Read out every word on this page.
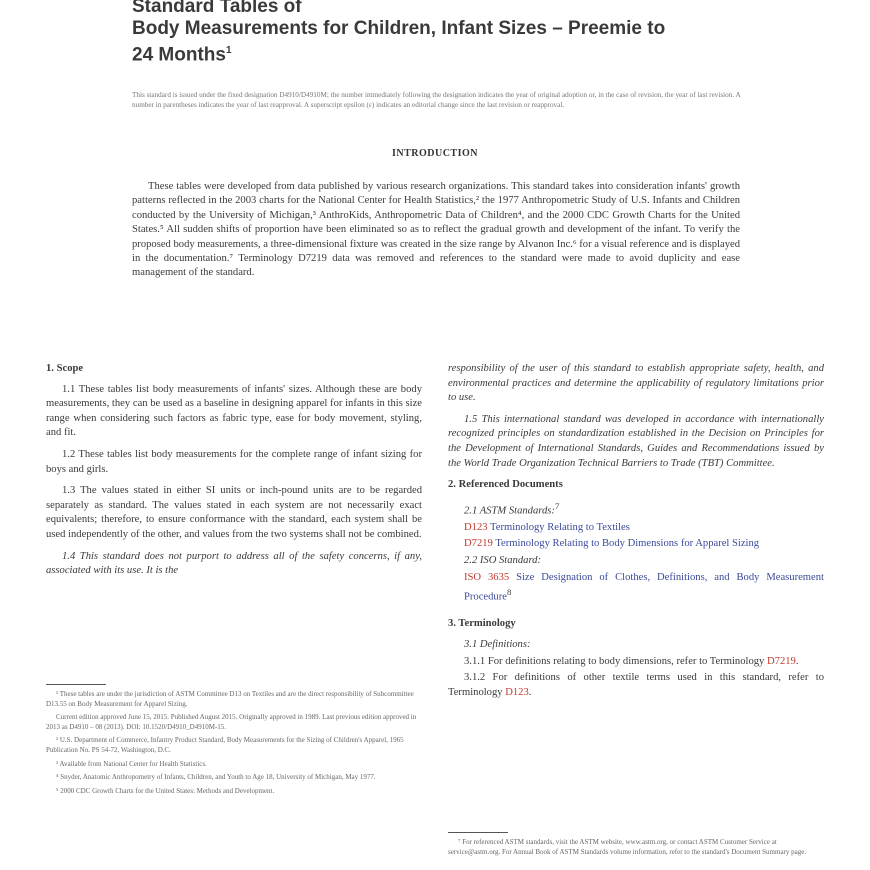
Standard Tables of
Body Measurements for Children, Infant Sizes – Preemie to
24 Months$^1$
This standard is issued under the fixed designation D4910/D4910M; the number immediately following the designation indicates the year of original adoption or, in the case of revision, the year of last revision. A number in parentheses indicates the year of last reapproval. A superscript epsilon (ε) indicates an editorial change since the last revision or reapproval.
INTRODUCTION

These tables were developed from data published by various research organizations. This standard takes into consideration infants' growth patterns reflected in the 2003 charts for the National Center for Health Statistics,² the 1977 Anthropometric Study of U.S. Infants and Children conducted by the University of Michigan,³ AnthroKids, Anthropometric Data of Children⁴, and the 2000 CDC Growth Charts for the United States.⁵ All sudden shifts of proportion have been eliminated so as to reflect the gradual growth and development of the infant. To verify the proposed body measurements, a three-dimensional fixture was created in the size range by Alvanon Inc.⁶ for a visual reference and is displayed in the documentation.⁷ Terminology D7219 data was removed and references to the standard were made to avoid duplicity and ease management of the standard.

1. Scope

1.1 These tables list body measurements of infants' sizes. Although these are body measurements, they can be used as a baseline in designing apparel for infants in this size range when considering such factors as fabric type, ease for body movement, styling, and fit.

1.2 These tables list body measurements for the complete range of infant sizing for boys and girls.

1.3 The values stated in either SI units or inch-pound units are to be regarded separately as standard. The values stated in each system are not necessarily exact equivalents; therefore, to ensure conformance with the standard, each system shall be used independently of the other, and values from the two systems shall not be combined.

1.4 This standard does not purport to address all of the safety concerns, if any, associated with its use. It is the

responsibility of the user of this standard to establish appropriate safety, health, and environmental practices and determine the applicability of regulatory limitations prior to use.

1.5 This international standard was developed in accordance with internationally recognized principles on standardization established in the Decision on Principles for the Development of International Standards, Guides and Recommendations issued by the World Trade Organization Technical Barriers to Trade (TBT) Committee.

2. Referenced Documents
2.1 ASTM Standards:$^7$
D123 Terminology Relating to Textiles
D7219 Terminology Relating to Body Dimensions for Apparel Sizing
2.2 ISO Standard:
ISO 3635 Size Designation of Clothes, Definitions, and Body Measurement Procedure$^8$
3. Terminology

3.1 Definitions:

3.1.1 For definitions relating to body dimensions, refer to Terminology D7219.

3.1.2 For definitions of other textile terms used in this standard, refer to Terminology D123.

¹ These tables are under the jurisdiction of ASTM Committee D13 on Textiles and are the direct responsibility of Subcommittee D13.55 on Body Measurement for Apparel Sizing.

Current edition approved June 15, 2015. Published August 2015. Originally approved in 1989. Last previous edition approved in 2013 as D4910 – 08 (2013). DOI: 10.1520/D4910_D4910M-15.

² U.S. Department of Commerce, Infantry Product Standard, Body Measurements for the Sizing of Children's Apparel, 1965 Publication No. PS 54-72, Washington, D.C.

³ Available from National Center for Health Statistics.

⁴ Snyder, Anatomic Anthropometry of Infants, Children, and Youth to Age 18, University of Michigan, May 1977.

⁵ 2000 CDC Growth Charts for the United States: Methods and Development.

⁷ For referenced ASTM standards, visit the ASTM website, www.astm.org, or contact ASTM Customer Service at service@astm.org. For Annual Book of ASTM Standards volume information, refer to the standard's Document Summary page.
